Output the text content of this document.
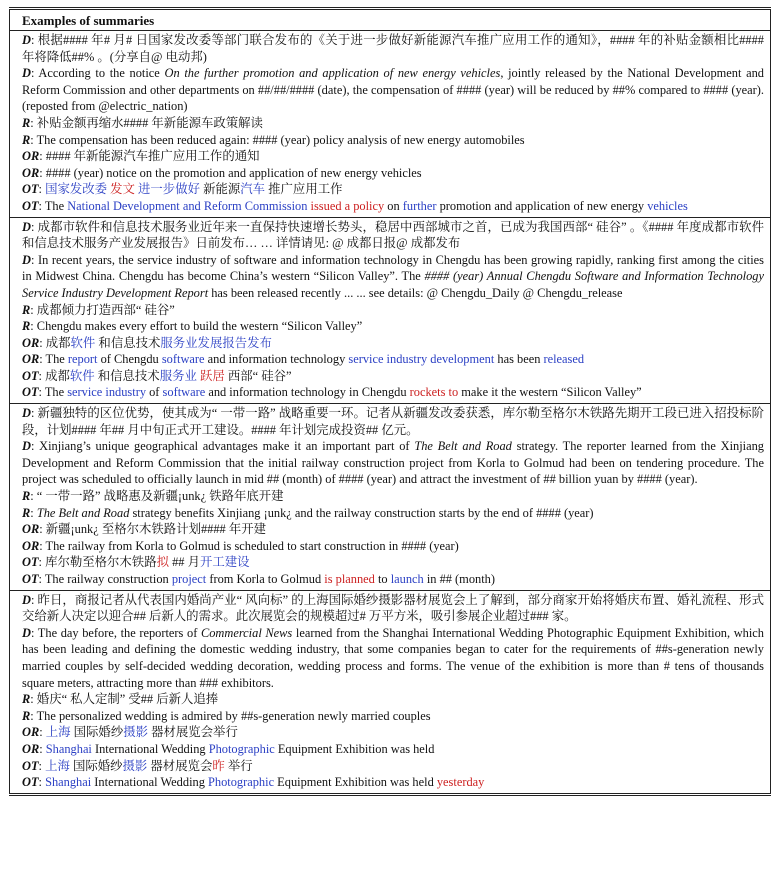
Examples of summaries

D: 根据#### 年# 月# 日国家发改委等部门联合发布的《关于进一步做好新能源汽车推广应用工作的通知》，#### 年的补贴金额相比#### 年将降低##% 。(分享自@ 电动邦)

D: According to the notice On the further promotion and application of new energy vehicles, jointly released by the National Development and Reform Commission and other departments on ##/##/#### (date), the compensation of #### (year) will be reduced by ##% compared to #### (year). (reposted from @electric_nation)

R: 补贴金额再缩水#### 年新能源车政策解读

R: The compensation has been reduced again: #### (year) policy analysis of new energy automobiles

OR: #### 年新能源汽车推广应用工作的通知

OR: #### (year) notice on the promotion and application of new energy vehicles

OT: 国家发改委 发文 进一步做好 新能源汽车 推广应用工作

OT: The National Development and Reform Commission issued a policy on further promotion and application of new energy vehicles

D: 成都市软件和信息技术服务业近年来一直保持快速增长势头，稳居中西部城市之首，已成为我国西部“ 硅谷” 。《#### 年度成都市软件和信息技术服务产业发展报告》日前发布… … 详情请见: @ 成都日报@ 成都发布

D: In recent years, the service industry of software and information technology in Chengdu has been growing rapidly, ranking first among the cities in Midwest China. Chengdu has become China’s western “Silicon Valley”. The #### (year) Annual Chengdu Software and Information Technology Service Industry Development Report has been released recently ... ... see details: @ Chengdu_Daily @ Chengdu_release

R: 成都倾力打造西部“ 硅谷”

R: Chengdu makes every effort to build the western “Silicon Valley”

OR: 成都软件 和信息技术服务业发展报告发布

OR: The report of Chengdu software and information technology service industry development has been released

OT: 成都软件 和信息技术服务业 跃居 西部“ 硅谷”

OT: The service industry of software and information technology in Chengdu rockets to make it the western “Silicon Valley”

D: 新疆独特的区位优势，使其成为“ 一带一路” 战略重要一环。记者从新疆发改委获悉，库尔勒至格尔木铁路先期开工段已进入招投标阶段，计划#### 年## 月中旬正式开工建设。#### 年计划完成投资## 亿元。

D: Xinjiang’s unique geographical advantages make it an important part of The Belt and Road strategy. The reporter learned from the Xinjiang Development and Reform Commission that the initial railway construction project from Korla to Golmud had been on tendering procedure. The project was scheduled to officially launch in mid ## (month) of #### (year) and attract the investment of ## billion yuan by #### (year).

R: “ 一带一路” 战略惠及新疆¡unk¿ 铁路年底开建

R: The Belt and Road strategy benefits Xinjiang ¡unk¿ and the railway construction starts by the end of #### (year)

OR: 新疆¡unk¿ 至格尔木铁路计划#### 年开建

OR: The railway from Korla to Golmud is scheduled to start construction in #### (year)

OT: 库尔勒至格尔木铁路拟 ## 月开工建设

OT: The railway construction project from Korla to Golmud is planned to launch in ## (month)

D: 昨日，商报记者从代表国内婚尚产业“ 风向标” 的上海国际婚纱摄影器材展览会上了解到，部分商家开始将婚庆布置、婚礼流程、形式交给新人决定以迎合## 后新人的需求。此次展览会的规模超过# 万平方米，吸引参展企业超过### 家。

D: The day before, the reporters of Commercial News learned from the Shanghai International Wedding Photographic Equipment Exhibition, which has been leading and defining the domestic wedding industry, that some companies began to cater for the requirements of ##s-generation newly married couples by self-decided wedding decoration, wedding process and forms. The venue of the exhibition is more than # tens of thousands square meters, attracting more than ### exhibitors.

R: 婚庆“ 私人定制” 受## 后新人追捧

R: The personalized wedding is admired by ##s-generation newly married couples

OR: 上海 国际婚纱摄影 器材展览会举行

OR: Shanghai International Wedding Photographic Equipment Exhibition was held

OT: 上海 国际婚纱摄影 器材展览会昨 举行

OT: Shanghai International Wedding Photographic Equipment Exhibition was held yesterday
